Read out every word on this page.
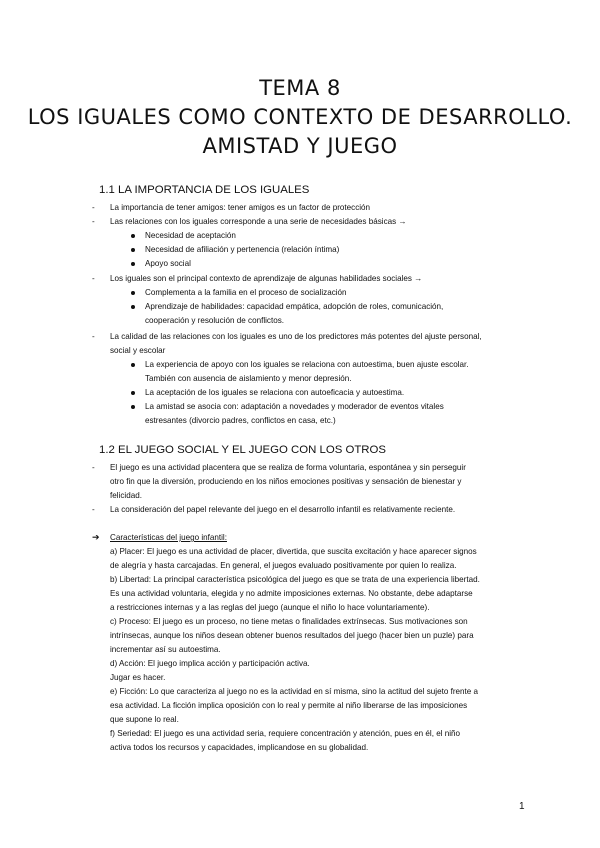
TEMA 8
LOS IGUALES COMO CONTEXTO DE DESARROLLO.
AMISTAD Y JUEGO
1.1 LA IMPORTANCIA DE LOS IGUALES
- La importancia de tener amigos: tener amigos es un factor de protección
- Las relaciones con los iguales corresponde a una serie de necesidades básicas →
Necesidad de aceptación
Necesidad de afiliación y pertenencia (relación íntima)
Apoyo social
- Los iguales son el principal contexto de aprendizaje de algunas habilidades sociales →
Complementa a la familia en el proceso de socialización
Aprendizaje de habilidades: capacidad empática, adopción de roles, comunicación,
cooperación y resolución de conflictos.
- La calidad de las relaciones con los iguales es uno de los predictores más potentes del ajuste personal,
social y escolar
La experiencia de apoyo con los iguales se relaciona con autoestima, buen ajuste escolar.
También con ausencia de aislamiento y menor depresión.
La aceptación de los iguales se relaciona con autoeficacia y autoestima.
La amistad se asocia con: adaptación a novedades y moderador de eventos vitales
estresantes (divorcio padres, conflictos en casa, etc.)
1.2 EL JUEGO SOCIAL Y EL JUEGO CON LOS OTROS
- El juego es una actividad placentera que se realiza de forma voluntaria, espontánea y sin perseguir
otro fin que la diversión, produciendo en los niños emociones positivas y sensación de bienestar y
felicidad.
- La consideración del papel relevante del juego en el desarrollo infantil es relativamente reciente.
➔ Características del juego infantil:
a) Placer: El juego es una actividad de placer, divertida, que suscita excitación y hace aparecer signos
de alegría y hasta carcajadas. En general, el juegos evaluado positivamente por quien lo realiza.
b) Libertad: La principal característica psicológica del juego es que se trata de una experiencia libertad.
Es una actividad voluntaria, elegida y no admite imposiciones externas. No obstante, debe adaptarse
a restricciones internas y a las reglas del juego (aunque el niño lo hace voluntariamente).
c) Proceso: El juego es un proceso, no tiene metas o finalidades extrínsecas. Sus motivaciones son
intrínsecas, aunque los niños desean obtener buenos resultados del juego (hacer bien un puzle) para
incrementar así su autoestima.
d) Acción: El juego implica acción y participación activa.
Jugar es hacer.
e) Ficción: Lo que caracteriza al juego no es la actividad en sí misma, sino la actitud del sujeto frente a
esa actividad. La ficción implica oposición con lo real y permite al niño liberarse de las imposiciones
que supone lo real.
f) Seriedad: El juego es una actividad seria, requiere concentración y atención, pues en él, el niño
activa todos los recursos y capacidades, implicandose en su globalidad.
1
